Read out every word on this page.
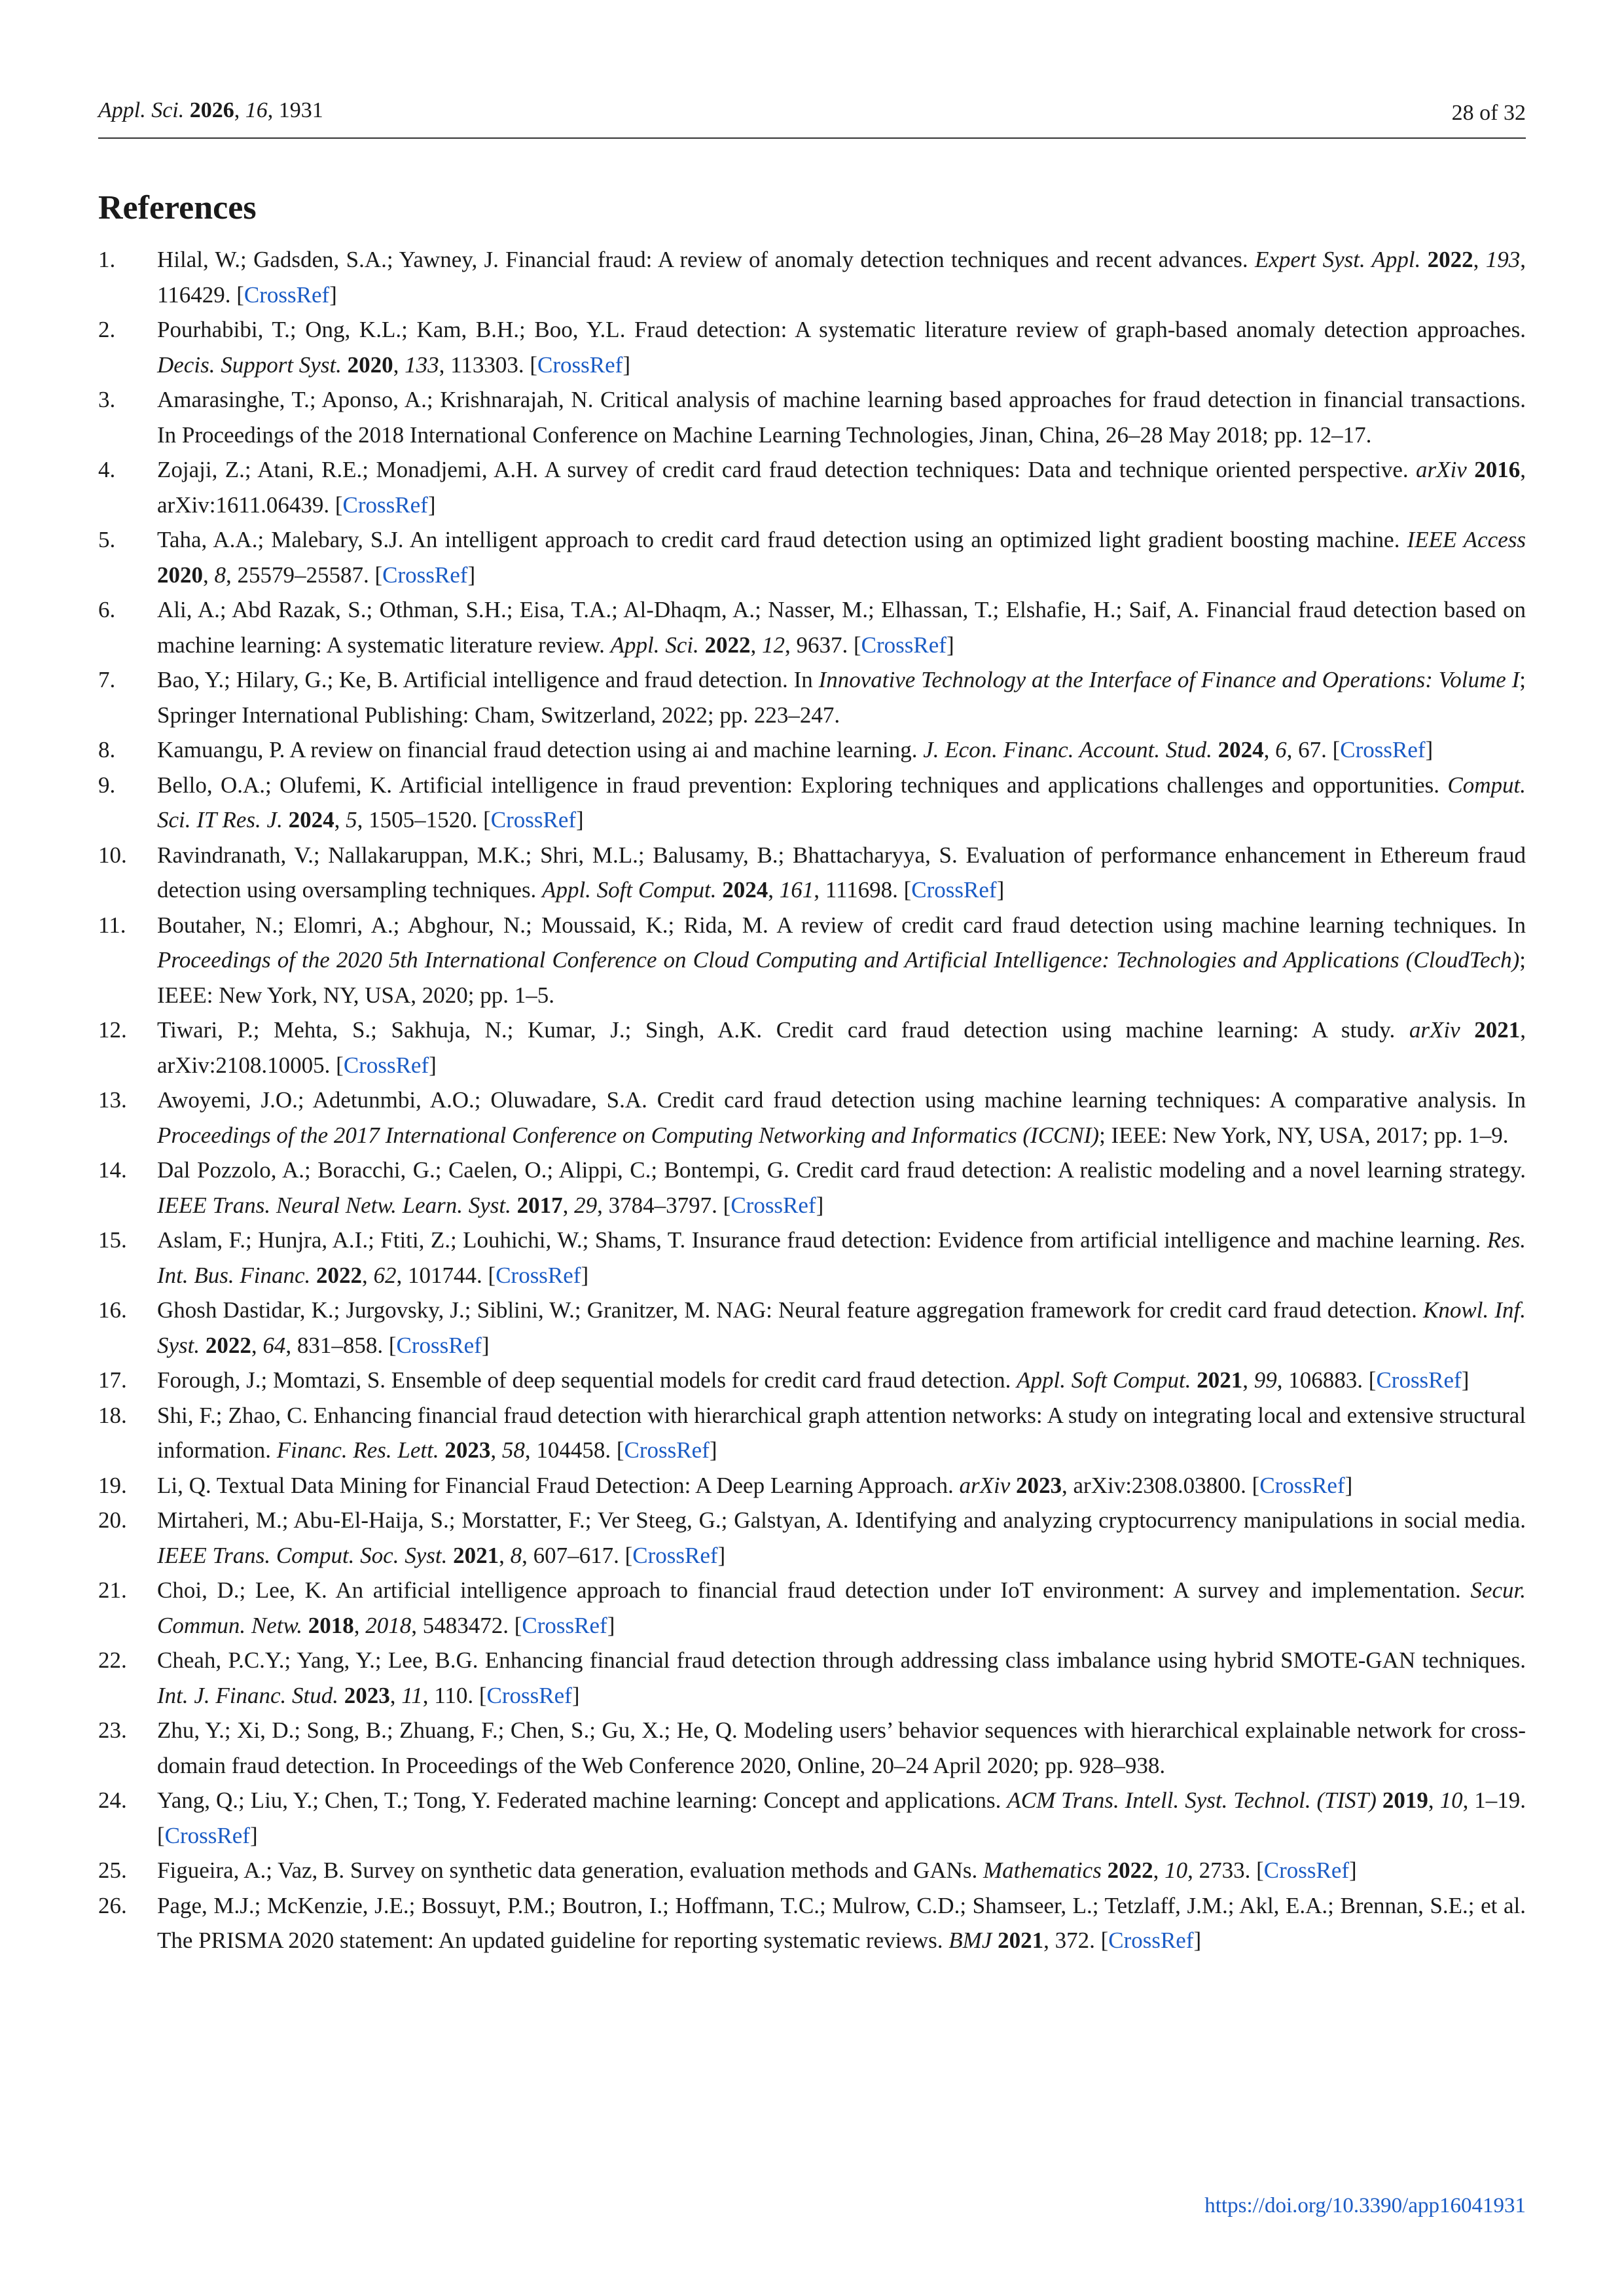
Appl. Sci. 2026, 16, 1931	28 of 32
References
1. Hilal, W.; Gadsden, S.A.; Yawney, J. Financial fraud: A review of anomaly detection techniques and recent advances. Expert Syst. Appl. 2022, 193, 116429. [CrossRef]
2. Pourhabibi, T.; Ong, K.L.; Kam, B.H.; Boo, Y.L. Fraud detection: A systematic literature review of graph-based anomaly detection approaches. Decis. Support Syst. 2020, 133, 113303. [CrossRef]
3. Amarasinghe, T.; Aponso, A.; Krishnarajah, N. Critical analysis of machine learning based approaches for fraud detection in financial transactions. In Proceedings of the 2018 International Conference on Machine Learning Technologies, Jinan, China, 26–28 May 2018; pp. 12–17.
4. Zojaji, Z.; Atani, R.E.; Monadjemi, A.H. A survey of credit card fraud detection techniques: Data and technique oriented perspective. arXiv 2016, arXiv:1611.06439. [CrossRef]
5. Taha, A.A.; Malebary, S.J. An intelligent approach to credit card fraud detection using an optimized light gradient boosting machine. IEEE Access 2020, 8, 25579–25587. [CrossRef]
6. Ali, A.; Abd Razak, S.; Othman, S.H.; Eisa, T.A.; Al-Dhaqm, A.; Nasser, M.; Elhassan, T.; Elshafie, H.; Saif, A. Financial fraud detection based on machine learning: A systematic literature review. Appl. Sci. 2022, 12, 9637. [CrossRef]
7. Bao, Y.; Hilary, G.; Ke, B. Artificial intelligence and fraud detection. In Innovative Technology at the Interface of Finance and Operations: Volume I; Springer International Publishing: Cham, Switzerland, 2022; pp. 223–247.
8. Kamuangu, P. A review on financial fraud detection using ai and machine learning. J. Econ. Financ. Account. Stud. 2024, 6, 67. [CrossRef]
9. Bello, O.A.; Olufemi, K. Artificial intelligence in fraud prevention: Exploring techniques and applications challenges and opportunities. Comput. Sci. IT Res. J. 2024, 5, 1505–1520. [CrossRef]
10. Ravindranath, V.; Nallakaruppan, M.K.; Shri, M.L.; Balusamy, B.; Bhattacharyya, S. Evaluation of performance enhancement in Ethereum fraud detection using oversampling techniques. Appl. Soft Comput. 2024, 161, 111698. [CrossRef]
11. Boutaher, N.; Elomri, A.; Abghour, N.; Moussaid, K.; Rida, M. A review of credit card fraud detection using machine learning techniques. In Proceedings of the 2020 5th International Conference on Cloud Computing and Artificial Intelligence: Technologies and Applications (CloudTech); IEEE: New York, NY, USA, 2020; pp. 1–5.
12. Tiwari, P.; Mehta, S.; Sakhuja, N.; Kumar, J.; Singh, A.K. Credit card fraud detection using machine learning: A study. arXiv 2021, arXiv:2108.10005. [CrossRef]
13. Awoyemi, J.O.; Adetunmbi, A.O.; Oluwadare, S.A. Credit card fraud detection using machine learning techniques: A comparative analysis. In Proceedings of the 2017 International Conference on Computing Networking and Informatics (ICCNI); IEEE: New York, NY, USA, 2017; pp. 1–9.
14. Dal Pozzolo, A.; Boracchi, G.; Caelen, O.; Alippi, C.; Bontempi, G. Credit card fraud detection: A realistic modeling and a novel learning strategy. IEEE Trans. Neural Netw. Learn. Syst. 2017, 29, 3784–3797. [CrossRef]
15. Aslam, F.; Hunjra, A.I.; Ftiti, Z.; Louhichi, W.; Shams, T. Insurance fraud detection: Evidence from artificial intelligence and machine learning. Res. Int. Bus. Financ. 2022, 62, 101744. [CrossRef]
16. Ghosh Dastidar, K.; Jurgovsky, J.; Siblini, W.; Granitzer, M. NAG: Neural feature aggregation framework for credit card fraud detection. Knowl. Inf. Syst. 2022, 64, 831–858. [CrossRef]
17. Forough, J.; Momtazi, S. Ensemble of deep sequential models for credit card fraud detection. Appl. Soft Comput. 2021, 99, 106883. [CrossRef]
18. Shi, F.; Zhao, C. Enhancing financial fraud detection with hierarchical graph attention networks: A study on integrating local and extensive structural information. Financ. Res. Lett. 2023, 58, 104458. [CrossRef]
19. Li, Q. Textual Data Mining for Financial Fraud Detection: A Deep Learning Approach. arXiv 2023, arXiv:2308.03800. [CrossRef]
20. Mirtaheri, M.; Abu-El-Haija, S.; Morstatter, F.; Ver Steeg, G.; Galstyan, A. Identifying and analyzing cryptocurrency manipulations in social media. IEEE Trans. Comput. Soc. Syst. 2021, 8, 607–617. [CrossRef]
21. Choi, D.; Lee, K. An artificial intelligence approach to financial fraud detection under IoT environment: A survey and implementation. Secur. Commun. Netw. 2018, 2018, 5483472. [CrossRef]
22. Cheah, P.C.Y.; Yang, Y.; Lee, B.G. Enhancing financial fraud detection through addressing class imbalance using hybrid SMOTE-GAN techniques. Int. J. Financ. Stud. 2023, 11, 110. [CrossRef]
23. Zhu, Y.; Xi, D.; Song, B.; Zhuang, F.; Chen, S.; Gu, X.; He, Q. Modeling users’ behavior sequences with hierarchical explainable network for cross-domain fraud detection. In Proceedings of the Web Conference 2020, Online, 20–24 April 2020; pp. 928–938.
24. Yang, Q.; Liu, Y.; Chen, T.; Tong, Y. Federated machine learning: Concept and applications. ACM Trans. Intell. Syst. Technol. (TIST) 2019, 10, 1–19. [CrossRef]
25. Figueira, A.; Vaz, B. Survey on synthetic data generation, evaluation methods and GANs. Mathematics 2022, 10, 2733. [CrossRef]
26. Page, M.J.; McKenzie, J.E.; Bossuyt, P.M.; Boutron, I.; Hoffmann, T.C.; Mulrow, C.D.; Shamseer, L.; Tetzlaff, J.M.; Akl, E.A.; Brennan, S.E.; et al. The PRISMA 2020 statement: An updated guideline for reporting systematic reviews. BMJ 2021, 372. [CrossRef]
https://doi.org/10.3390/app16041931
